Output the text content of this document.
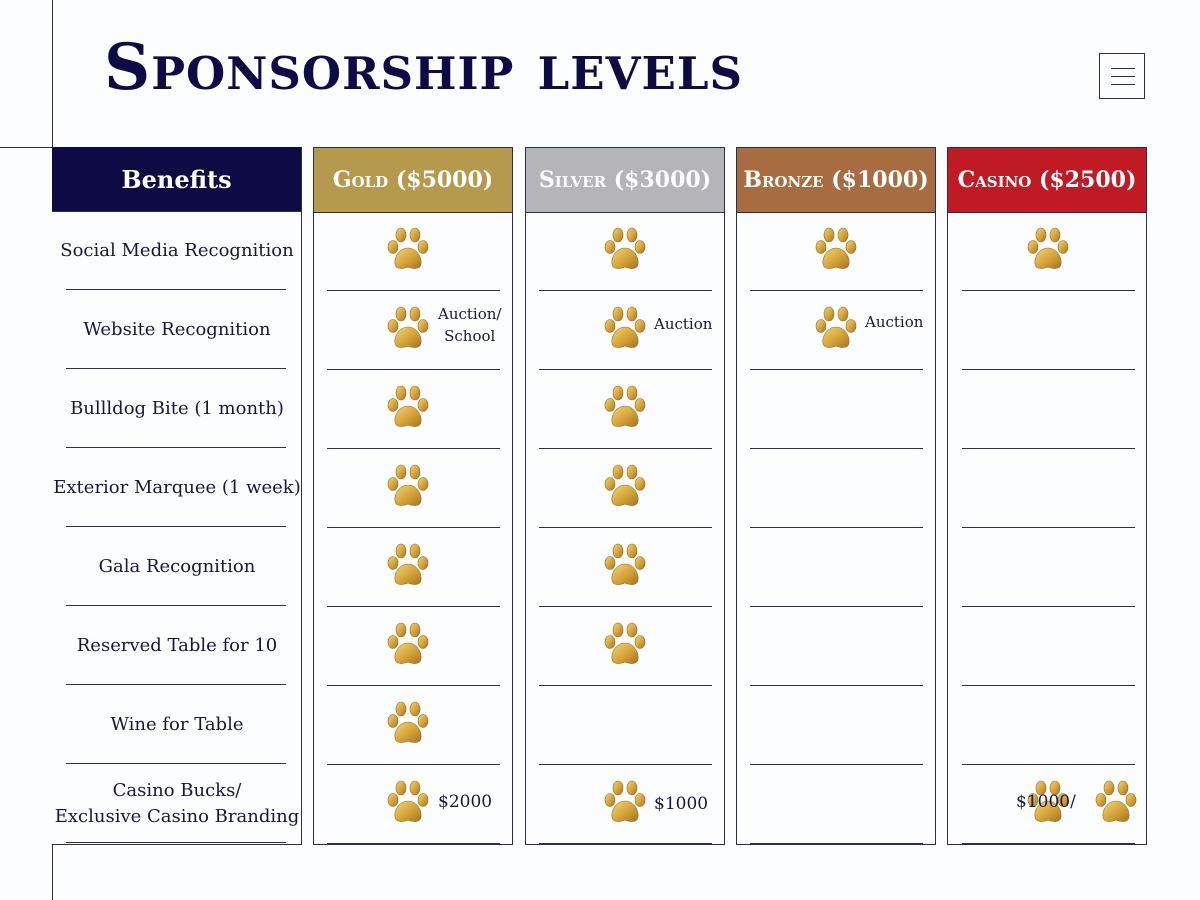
Sponsorship levels
Benefits
Social Media Recognition
Website Recognition
Bullldog Bite (1 month)
Exterior Marquee (1 week)
Gala Recognition
Reserved Table for 10
Wine for Table
Casino Bucks/
Exclusive Casino Branding
Gold ($5000)
Auction/
School
$2000
Silver ($3000)
Auction
$1000
Bronze ($1000)
Auction
Casino ($2500)
$1000/
